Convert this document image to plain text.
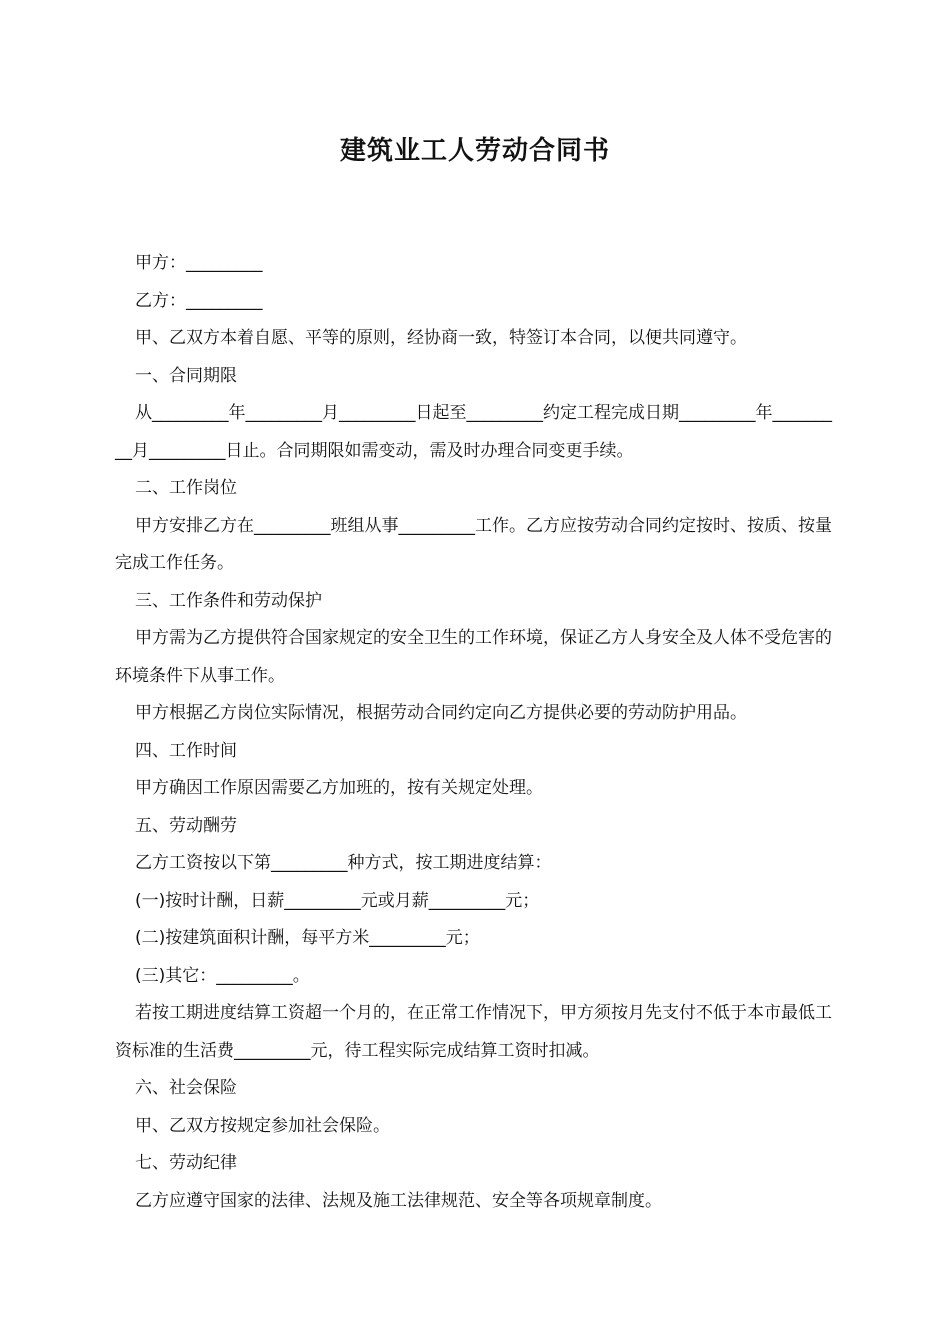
建筑业工人劳动合同书

甲方：_________

乙方：_________

甲、乙双方本着自愿、平等的原则，经协商一致，特签订本合同，以便共同遵守。

一、合同期限

从_________年_________月_________日起至_________约定工程完成日期_________年_________月_________日止。合同期限如需变动，需及时办理合同变更手续。

二、工作岗位

甲方安排乙方在_________班组从事_________工作。乙方应按劳动合同约定按时、按质、按量完成工作任务。

三、工作条件和劳动保护

甲方需为乙方提供符合国家规定的安全卫生的工作环境，保证乙方人身安全及人体不受危害的环境条件下从事工作。

甲方根据乙方岗位实际情况，根据劳动合同约定向乙方提供必要的劳动防护用品。

四、工作时间

甲方确因工作原因需要乙方加班的，按有关规定处理。

五、劳动酬劳

乙方工资按以下第_________种方式，按工期进度结算：

(一)按时计酬，日薪_________元或月薪_________元；

(二)按建筑面积计酬，每平方米_________元；

(三)其它：_________。

若按工期进度结算工资超一个月的，在正常工作情况下，甲方须按月先支付不低于本市最低工资标准的生活费_________元，待工程实际完成结算工资时扣减。

六、社会保险

甲、乙双方按规定参加社会保险。

七、劳动纪律

乙方应遵守国家的法律、法规及施工法律规范、安全等各项规章制度。
